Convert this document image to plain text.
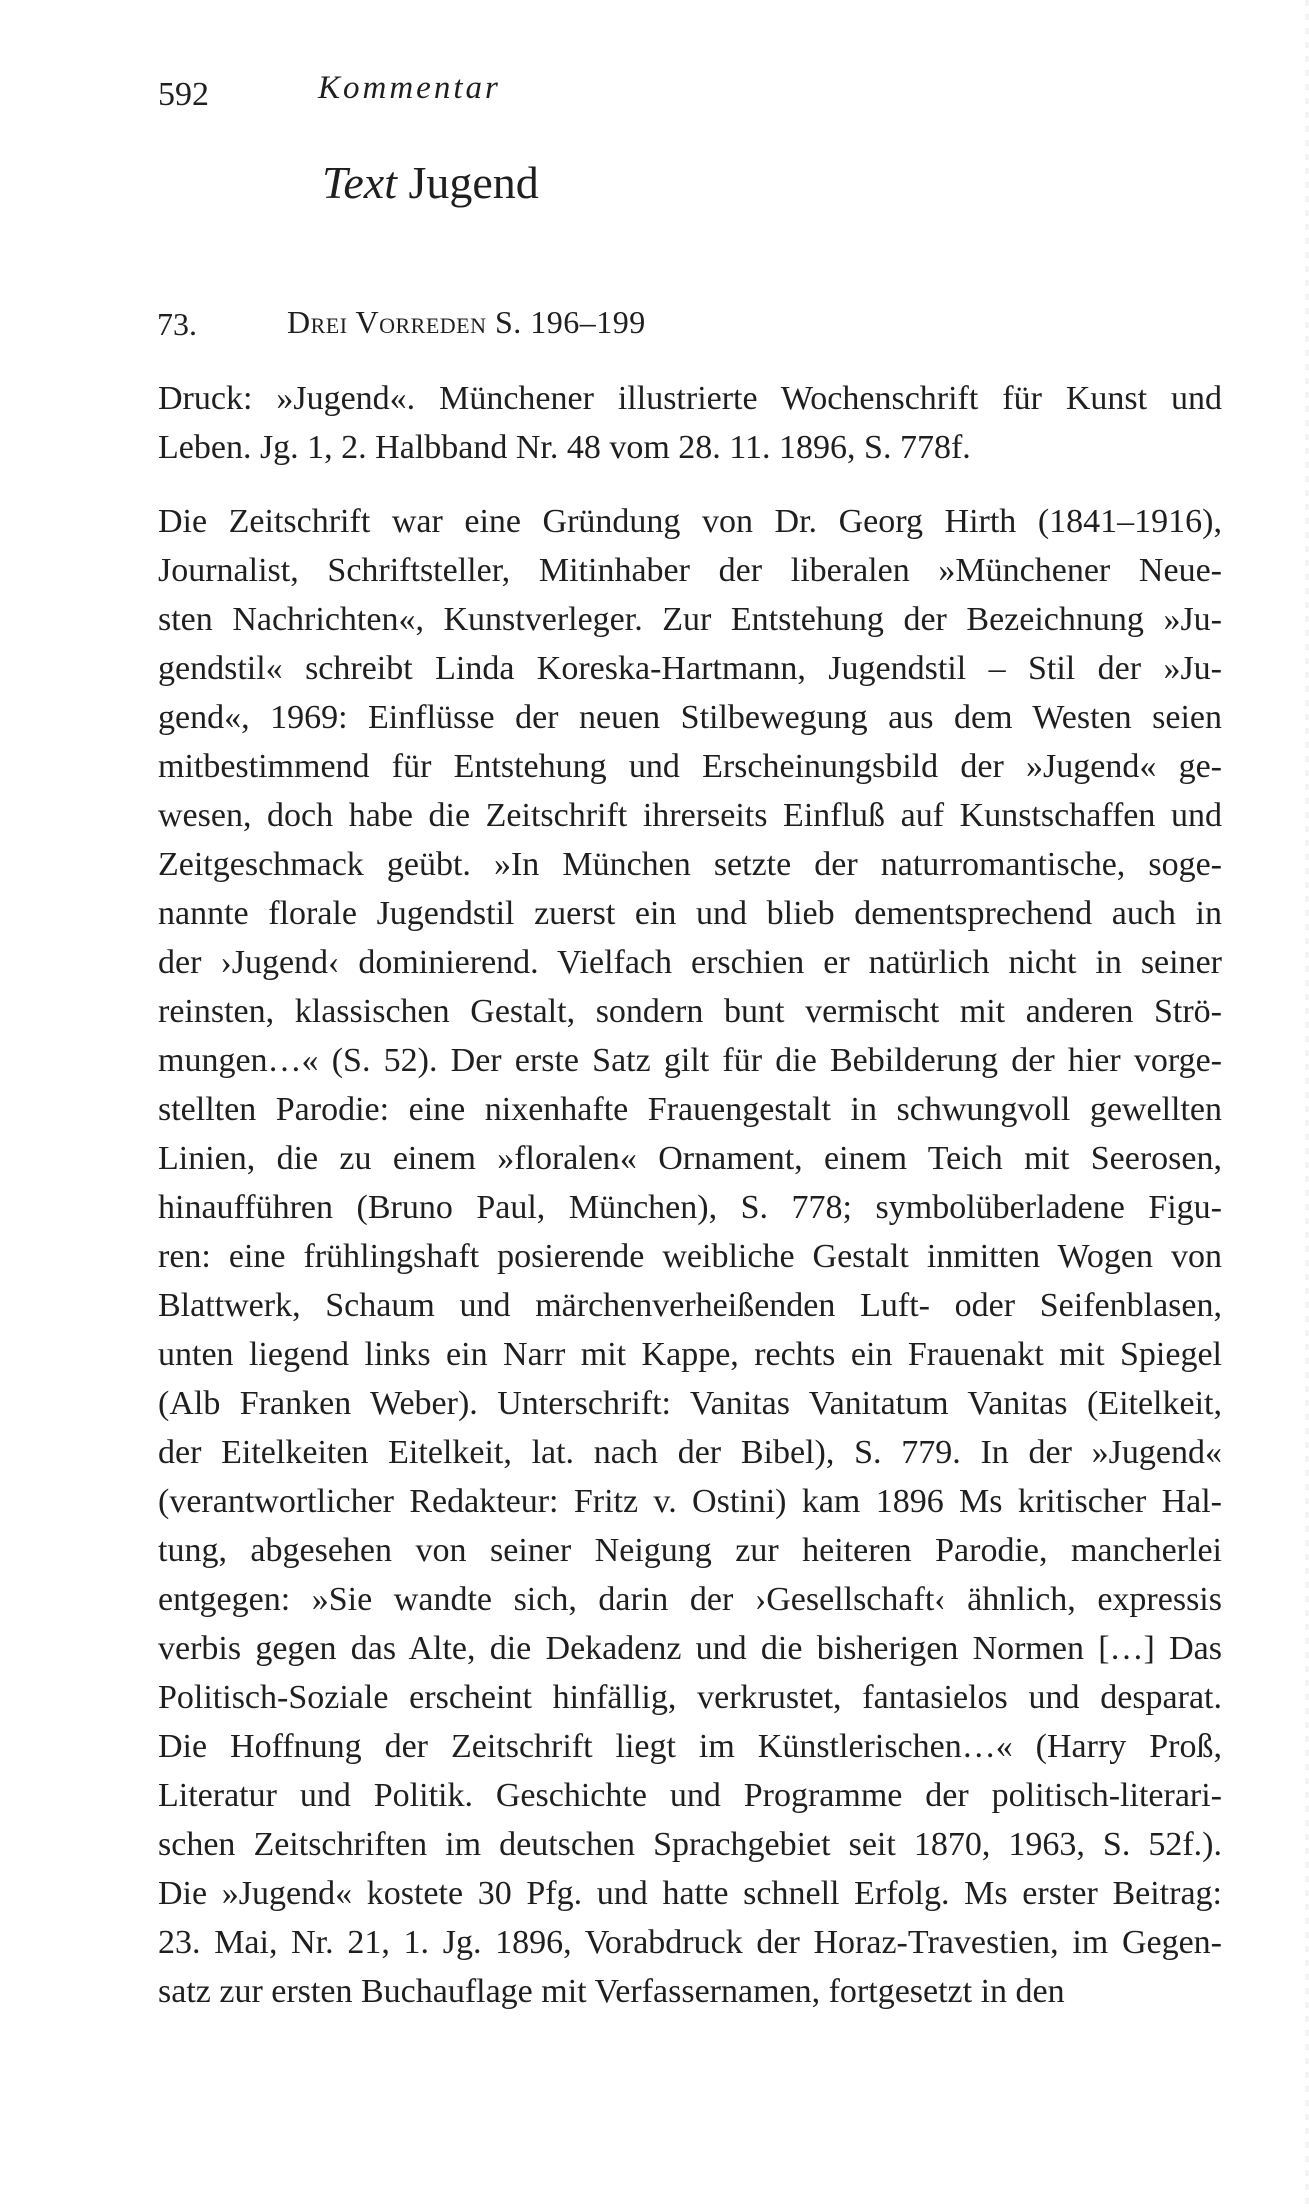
592	Kommentar
Text Jugend
73.	Drei Vorreden S. 196–199
Druck: »Jugend«. Münchener illustrierte Wochenschrift für Kunst und
Leben. Jg. 1, 2. Halbband Nr. 48 vom 28. 11. 1896, S. 778f.
Die Zeitschrift war eine Gründung von Dr. Georg Hirth (1841–1916),
Journalist, Schriftsteller, Mitinhaber der liberalen »Münchener Neue-
sten Nachrichten«, Kunstverleger. Zur Entstehung der Bezeichnung »Ju-
gendstil« schreibt Linda Koreska-Hartmann, Jugendstil – Stil der »Ju-
gend«, 1969: Einflüsse der neuen Stilbewegung aus dem Westen seien
mitbestimmend für Entstehung und Erscheinungsbild der »Jugend« ge-
wesen, doch habe die Zeitschrift ihrerseits Einfluß auf Kunstschaffen und
Zeitgeschmack geübt. »In München setzte der naturromantische, soge-
nannte florale Jugendstil zuerst ein und blieb dementsprechend auch in
der ›Jugend‹ dominierend. Vielfach erschien er natürlich nicht in seiner
reinsten, klassischen Gestalt, sondern bunt vermischt mit anderen Strö-
mungen…« (S. 52). Der erste Satz gilt für die Bebilderung der hier vorge-
stellten Parodie: eine nixenhafte Frauengestalt in schwungvoll gewellten
Linien, die zu einem »floralen« Ornament, einem Teich mit Seerosen,
hinaufführen (Bruno Paul, München), S. 778; symbolüberladene Figu-
ren: eine frühlingshaft posierende weibliche Gestalt inmitten Wogen von
Blattwerk, Schaum und märchenverheißenden Luft- oder Seifenblasen,
unten liegend links ein Narr mit Kappe, rechts ein Frauenakt mit Spiegel
(Alb Franken Weber). Unterschrift: Vanitas Vanitatum Vanitas (Eitelkeit,
der Eitelkeiten Eitelkeit, lat. nach der Bibel), S. 779. In der »Jugend«
(verantwortlicher Redakteur: Fritz v. Ostini) kam 1896 Ms kritischer Hal-
tung, abgesehen von seiner Neigung zur heiteren Parodie, mancherlei
entgegen: »Sie wandte sich, darin der ›Gesellschaft‹ ähnlich, expressis
verbis gegen das Alte, die Dekadenz und die bisherigen Normen […] Das
Politisch-Soziale erscheint hinfällig, verkrustet, fantasielos und desparat.
Die Hoffnung der Zeitschrift liegt im Künstlerischen…« (Harry Proß,
Literatur und Politik. Geschichte und Programme der politisch-literari-
schen Zeitschriften im deutschen Sprachgebiet seit 1870, 1963, S. 52f.).
Die »Jugend« kostete 30 Pfg. und hatte schnell Erfolg. Ms erster Beitrag:
23. Mai, Nr. 21, 1. Jg. 1896, Vorabdruck der Horaz-Travestien, im Gegen-
satz zur ersten Buchauflage mit Verfassernamen, fortgesetzt in den
